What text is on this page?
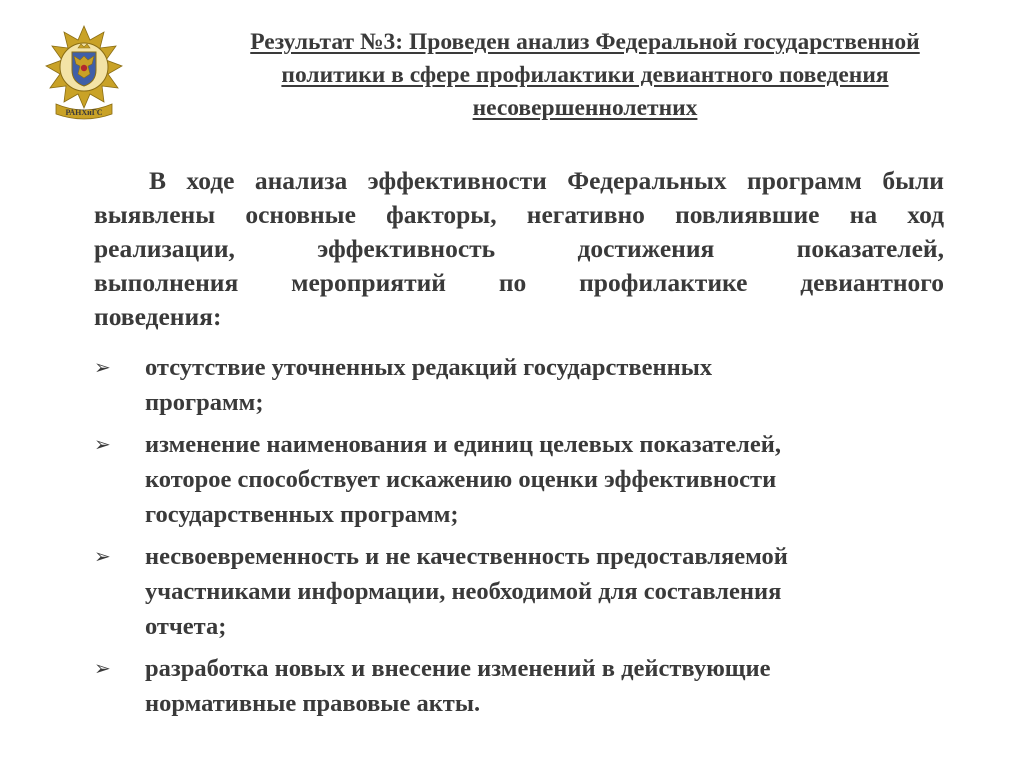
РАНХиГС
Результат №3: Проведен анализ Федеральной государственной
политики в сфере профилактики девиантного поведения
несовершеннолетних
В ходе анализа эффективности Федеральных программ были
выявлены основные факторы, негативно повлиявшие на ход
реализации, эффективность достижения показателей,
выполнения мероприятий по профилактике девиантного
поведения:
➢ отсутствие уточненных редакций государственных
программ;
➢ изменение наименования и единиц целевых показателей,
которое способствует искажению оценки эффективности
государственных программ;
➢ несвоевременность и не качественность предоставляемой
участниками информации, необходимой для составления
отчета;
➢ разработка новых и внесение изменений в действующие
нормативные правовые акты.
